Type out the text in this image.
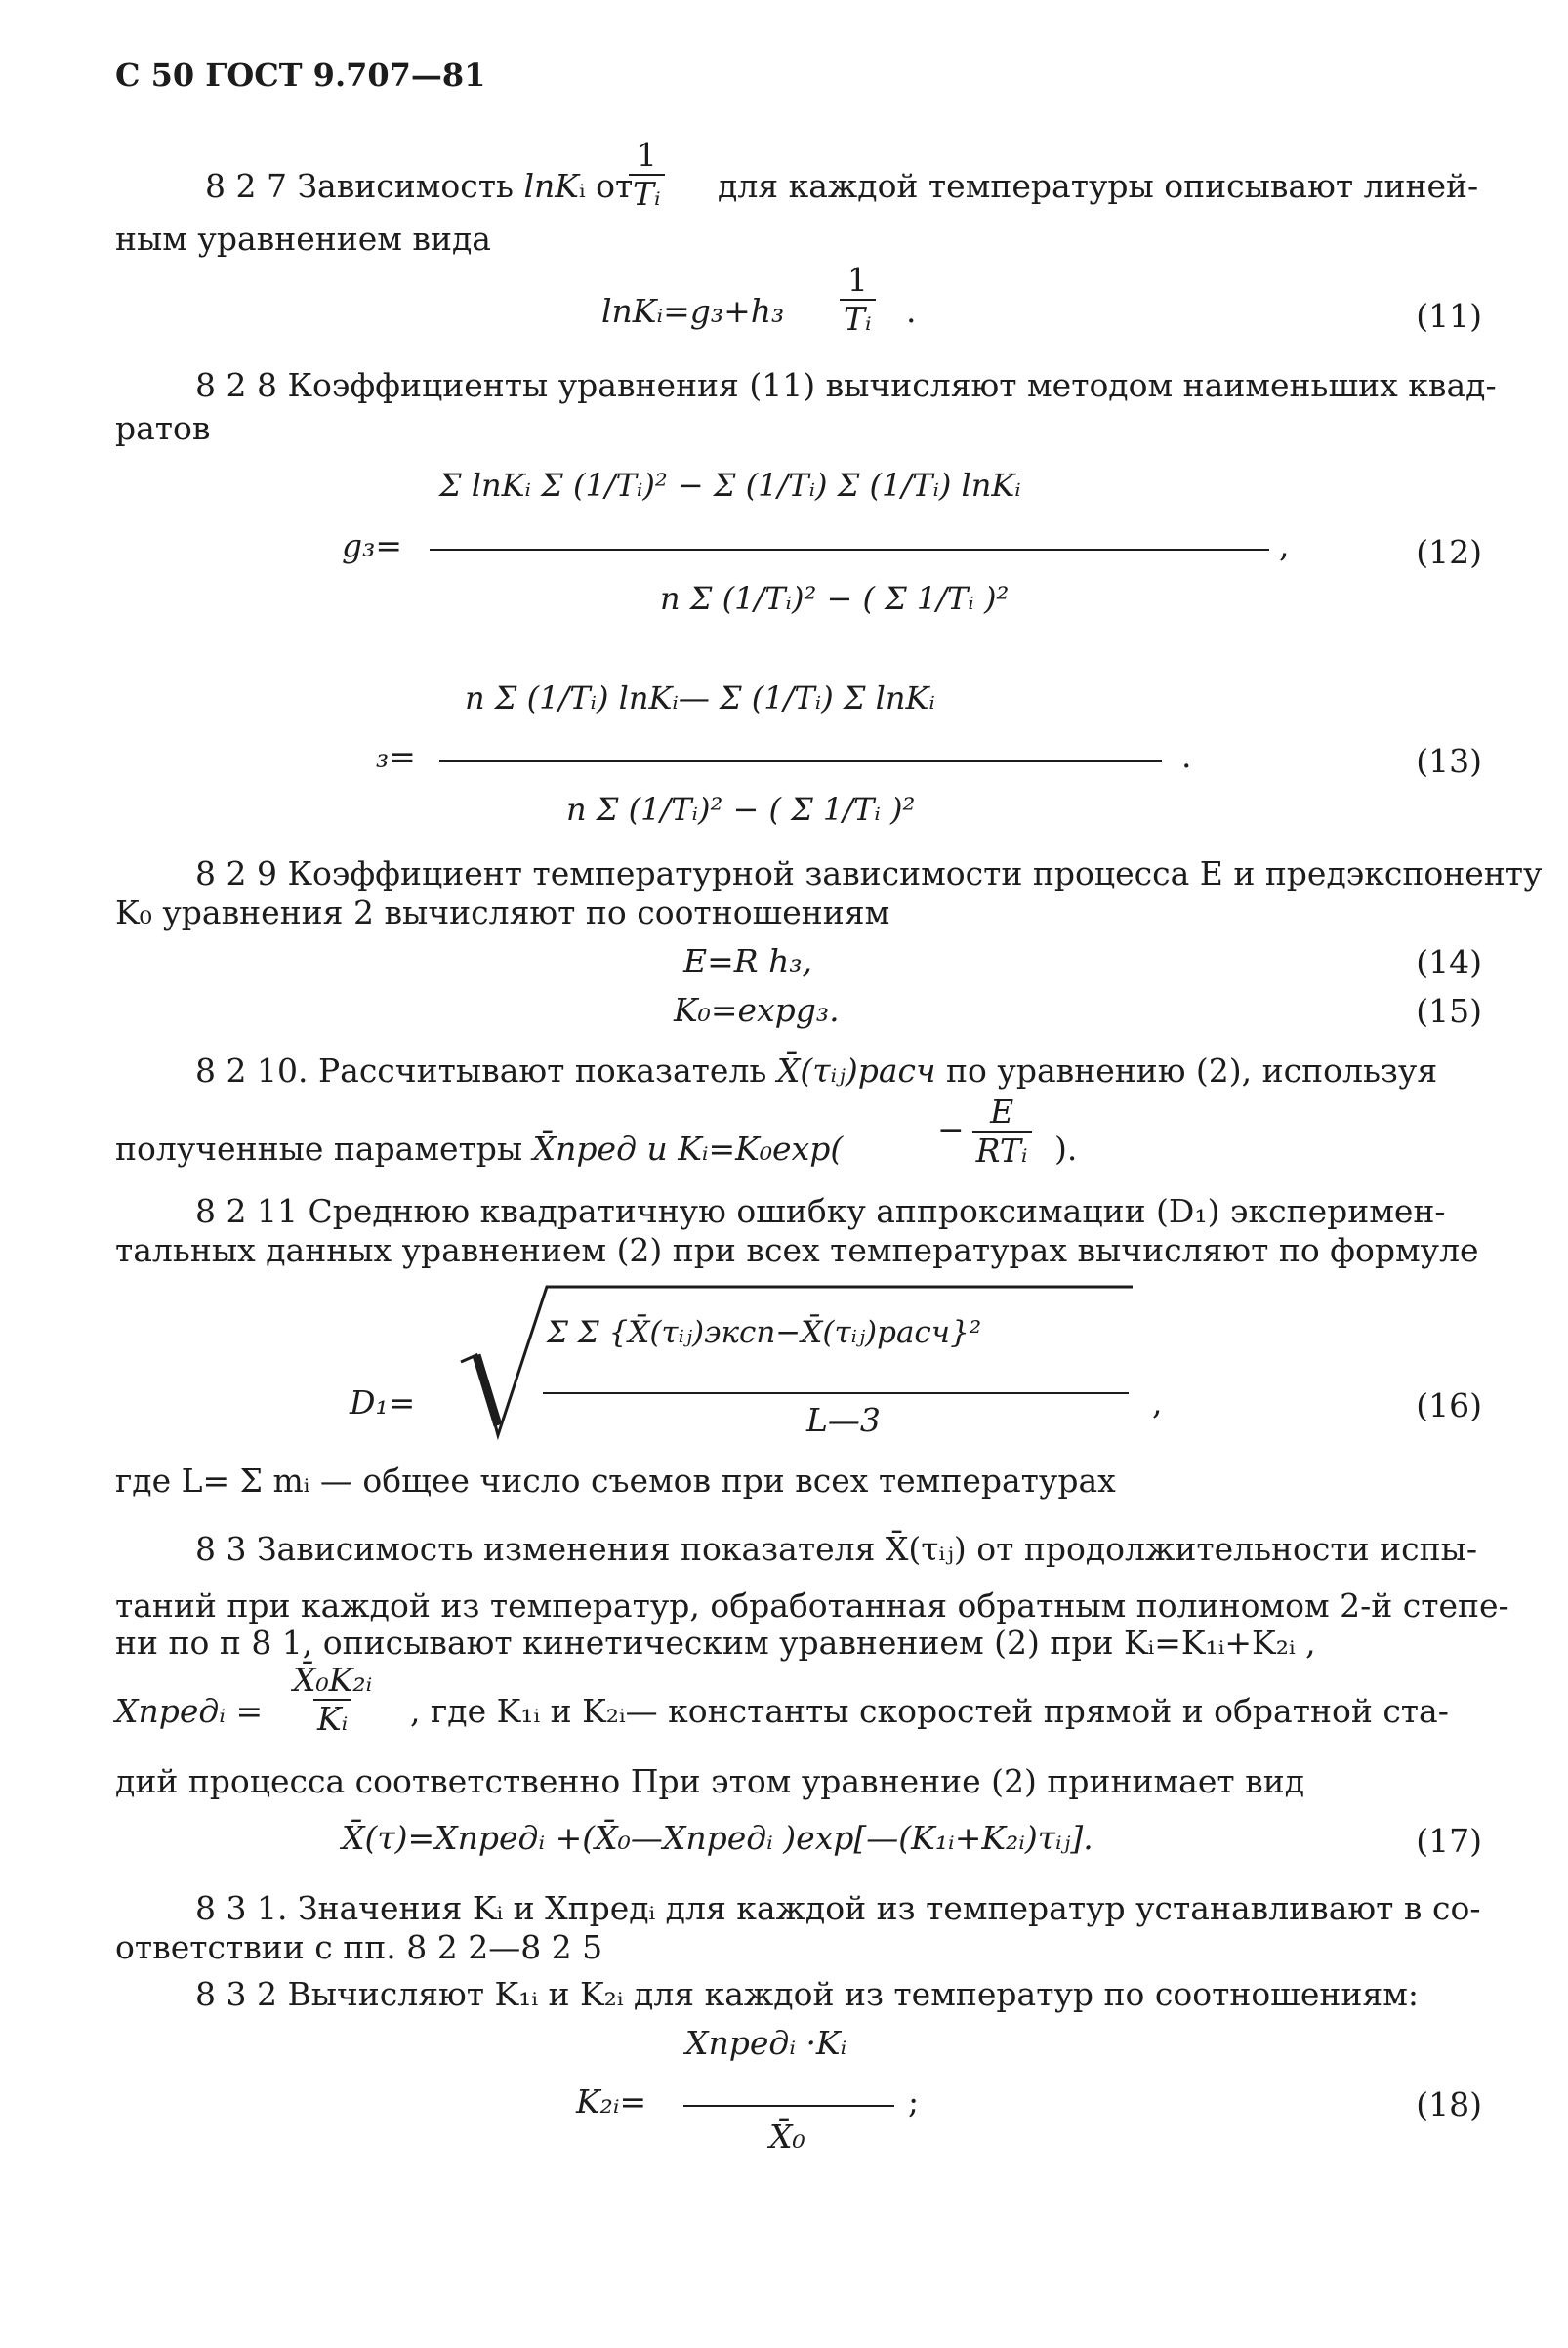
С 50 ГОСТ 9.707—81
8 2 7 Зависимость lnKᵢ от
$\frac{1}{\text{Tᵢ}}$ для каждой температуры описывают линей-
ным уравнением вида
lnKᵢ=g₃+h₃ $\frac{1}{\text{Tᵢ}}$ .	(11)
8 2 8 Коэффициенты уравнения (11) вычисляют методом наименьших квад-
ратов
g₃=
Σ lnKᵢ Σ (1/Tᵢ)² − Σ (1/Tᵢ) Σ (1/Tᵢ) lnKᵢ
n Σ (1/Tᵢ)² − ( Σ 1/Tᵢ )²
,	(12)
₃=
n Σ (1/Tᵢ) lnKᵢ— Σ (1/Tᵢ) Σ lnKᵢ
n Σ (1/Tᵢ)² − ( Σ 1/Tᵢ )²
.	(13)
8 2 9 Коэффициент температурной зависимости процесса E и предэкспоненту
K₀ уравнения 2 вычисляют по соотношениям
E=R h₃,	(14)
K₀=expg₃.	(15)
8 2 10. Рассчитывают показатель X̄(τᵢⱼ)расч по уравнению (2), используя
полученные параметры X̄пред и Kᵢ=K₀exp(
− $\frac{E}{\text{RTᵢ}}$ ).
8 2 11 Среднюю квадратичную ошибку аппроксимации (D₁) эксперимен-
тальных данных уравнением (2) при всех температурах вычисляют по формуле
D₁=
Σ Σ {X̄(τᵢⱼ)эксп−X̄(τᵢⱼ)расч}²
L—3	,	(16)
где L= Σ mᵢ — общее число съемов при всех температурах
8 3 Зависимость изменения показателя X̄(τᵢⱼ) от продолжительности испы-
таний при каждой из температур, обработанная обратным полиномом 2-й степе-
ни по п 8 1, описывают кинетическим уравнением (2) при Kᵢ=K₁ᵢ+K₂ᵢ ,
Xпредᵢ = $\frac{\text{X̄₀K₂ᵢ}}{\text{Kᵢ}}$ , где K₁ᵢ и K₂ᵢ— константы скоростей прямой и обратной ста-
дий процесса соответственно При этом уравнение (2) принимает вид
X̄(τ)=Xпредᵢ +(X̄₀—Xпредᵢ )exp[—(K₁ᵢ+K₂ᵢ)τᵢⱼ].	(17)
8 3 1. Значения Kᵢ и Xпредᵢ для каждой из температур устанавливают в со-
ответствии с пп. 8 2 2—8 2 5
8 3 2 Вычисляют K₁ᵢ и K₂ᵢ для каждой из температур по соотношениям:
K₂ᵢ=
Xпредᵢ ·Kᵢ
X̄₀
;	(18)
